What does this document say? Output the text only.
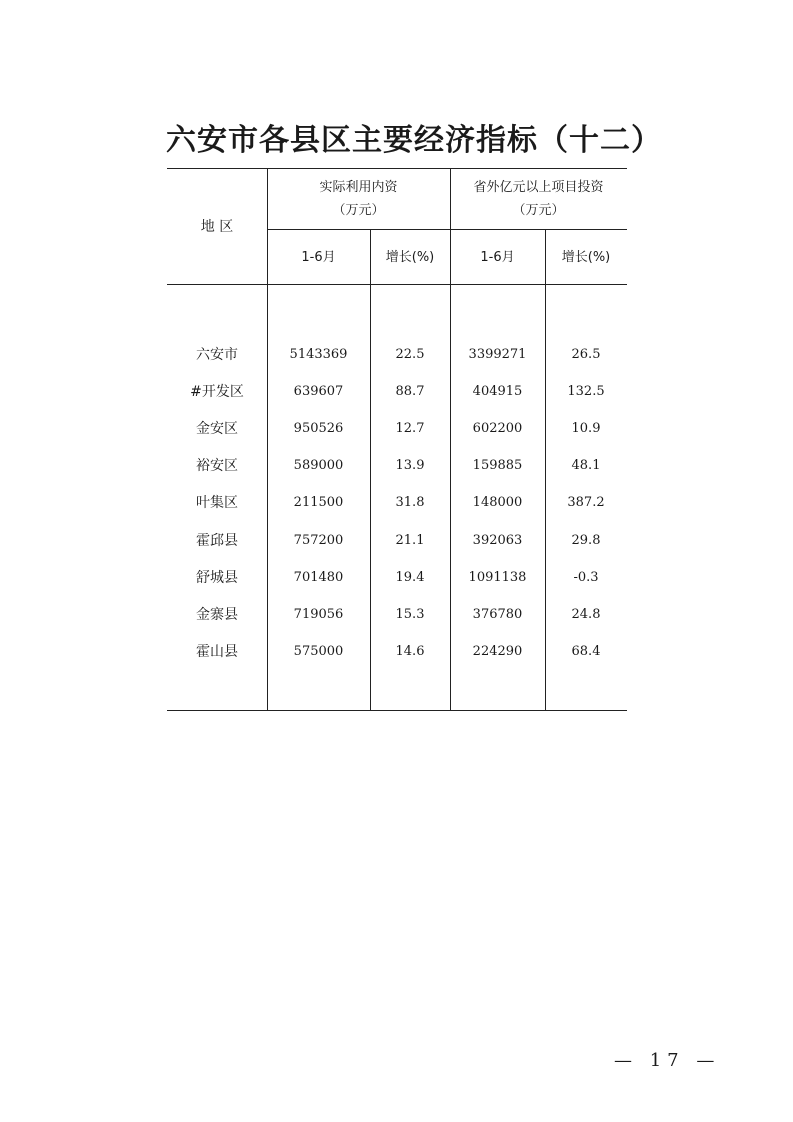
六安市各县区主要经济指标（十二）
地 区
实际利用内资
（万元）
省外亿元以上项目投资
（万元）
1-6月	增长(%)	1-6月	增长(%)
六安市	5143369	22.5	3399271	26.5
#开发区	639607	88.7	404915	132.5
金安区	950526	12.7	602200	10.9
裕安区	589000	13.9	159885	48.1
叶集区	211500	31.8	148000	387.2
霍邱县	757200	21.1	392063	29.8
舒城县	701480	19.4	1091138	-0.3
金寨县	719056	15.3	376780	24.8
霍山县	575000	14.6	224290	68.4
— 17 —
